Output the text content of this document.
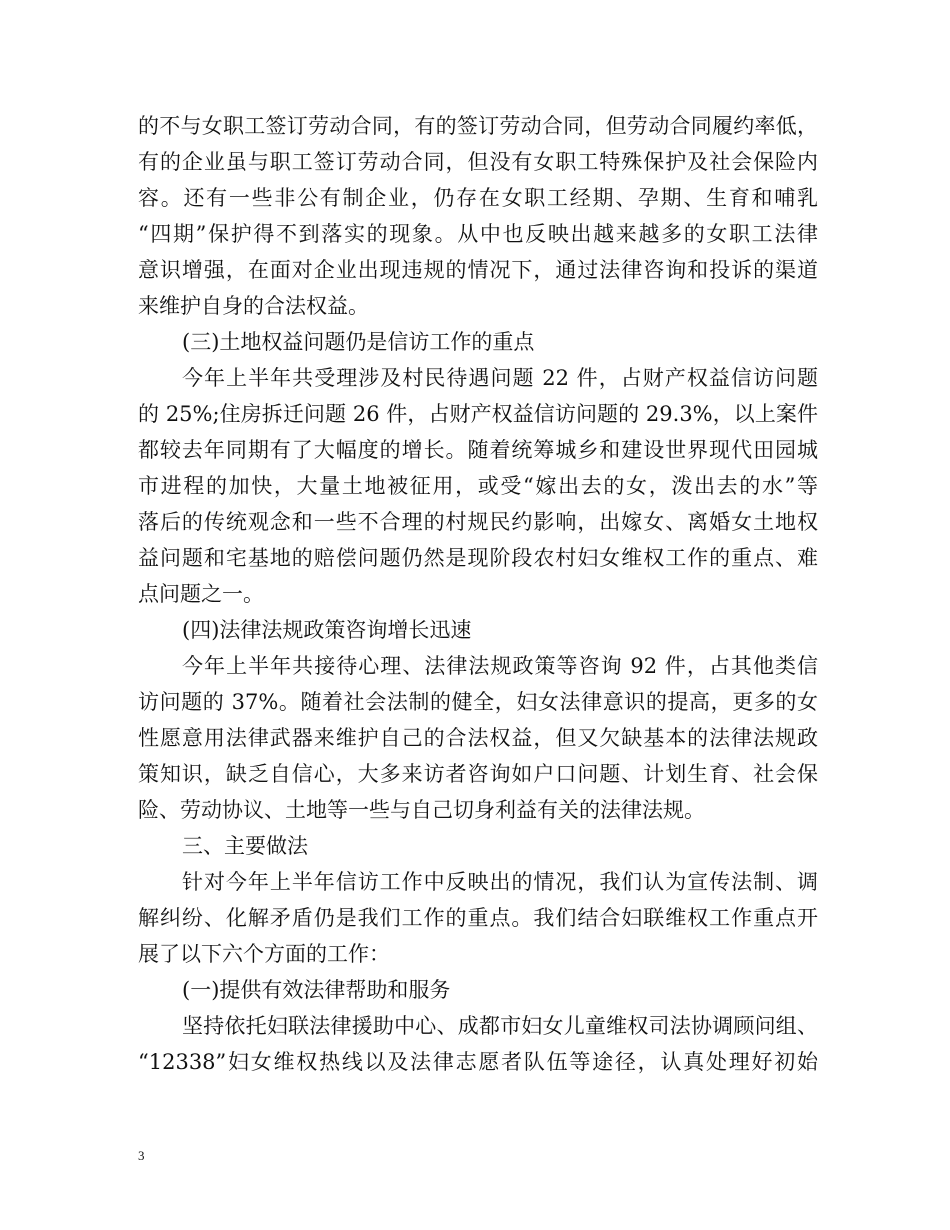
的不与女职工签订劳动合同，有的签订劳动合同，但劳动合同履约率低，
有的企业虽与职工签订劳动合同，但没有女职工特殊保护及社会保险内
容。还有一些非公有制企业，仍存在女职工经期、孕期、生育和哺乳
“四期”保护得不到落实的现象。从中也反映出越来越多的女职工法律
意识增强，在面对企业出现违规的情况下，通过法律咨询和投诉的渠道
来维护自身的合法权益。
(三)土地权益问题仍是信访工作的重点
今年上半年共受理涉及村民待遇问题 22 件，占财产权益信访问题
的 25%;住房拆迁问题 26 件，占财产权益信访问题的 29.3%，以上案件
都较去年同期有了大幅度的增长。随着统筹城乡和建设世界现代田园城
市进程的加快，大量土地被征用，或受“嫁出去的女，泼出去的水”等
落后的传统观念和一些不合理的村规民约影响，出嫁女、离婚女土地权
益问题和宅基地的赔偿问题仍然是现阶段农村妇女维权工作的重点、难
点问题之一。
(四)法律法规政策咨询增长迅速
今年上半年共接待心理、法律法规政策等咨询 92 件，占其他类信
访问题的 37%。随着社会法制的健全，妇女法律意识的提高，更多的女
性愿意用法律武器来维护自己的合法权益，但又欠缺基本的法律法规政
策知识，缺乏自信心，大多来访者咨询如户口问题、计划生育、社会保
险、劳动协议、土地等一些与自己切身利益有关的法律法规。
三、主要做法
针对今年上半年信访工作中反映出的情况，我们认为宣传法制、调
解纠纷、化解矛盾仍是我们工作的重点。我们结合妇联维权工作重点开
展了以下六个方面的工作：
(一)提供有效法律帮助和服务
坚持依托妇联法律援助中心、成都市妇女儿童维权司法协调顾问组、
“12338”妇女维权热线以及法律志愿者队伍等途径，认真处理好初始
3
